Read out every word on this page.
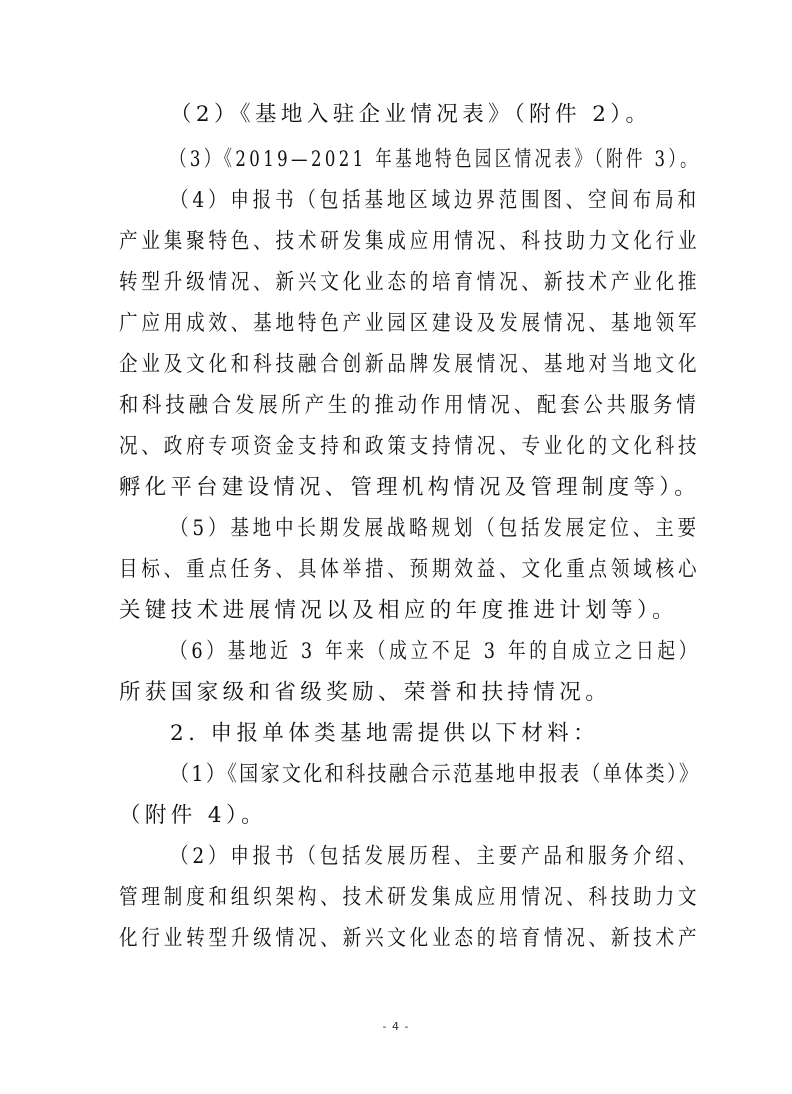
（2）《基地入驻企业情况表》（附件 2）。
（3）《2019—2021 年基地特色园区情况表》（附件 3）。
（4）申报书（包括基地区域边界范围图、空间布局和
产业集聚特色、技术研发集成应用情况、科技助力文化行业
转型升级情况、新兴文化业态的培育情况、新技术产业化推
广应用成效、基地特色产业园区建设及发展情况、基地领军
企业及文化和科技融合创新品牌发展情况、基地对当地文化
和科技融合发展所产生的推动作用情况、配套公共服务情
况、政府专项资金支持和政策支持情况、专业化的文化科技
孵化平台建设情况、管理机构情况及管理制度等）。
（5）基地中长期发展战略规划（包括发展定位、主要
目标、重点任务、具体举措、预期效益、文化重点领域核心
关键技术进展情况以及相应的年度推进计划等）。
（6）基地近 3 年来（成立不足 3 年的自成立之日起）
所获国家级和省级奖励、荣誉和扶持情况。
2. 申报单体类基地需提供以下材料：
（1）《国家文化和科技融合示范基地申报表（单体类）》
（附件 4）。
（2）申报书（包括发展历程、主要产品和服务介绍、
管理制度和组织架构、技术研发集成应用情况、科技助力文
化行业转型升级情况、新兴文化业态的培育情况、新技术产
- 4 -
